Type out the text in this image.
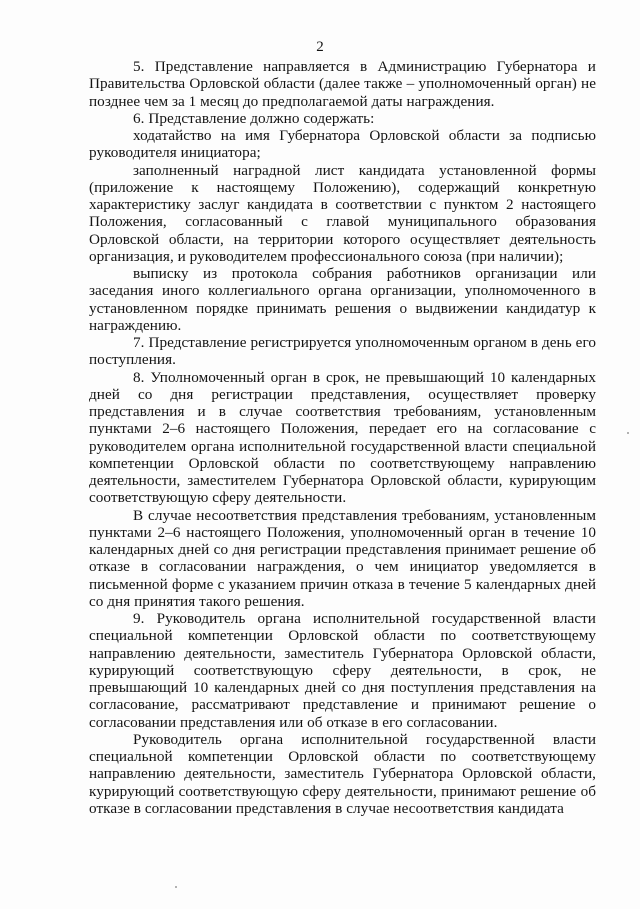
2

5. Представление направляется в Администрацию Губернатора и Правительства Орловской области (далее также – уполномоченный орган) не позднее чем за 1 месяц до предполагаемой даты награждения.

6. Представление должно содержать:

ходатайство на имя Губернатора Орловской области за подписью руководителя инициатора;

заполненный наградной лист кандидата установленной формы (приложение к настоящему Положению), содержащий конкретную характеристику заслуг кандидата в соответствии с пунктом 2 настоящего Положения, согласованный с главой муниципального образования Орловской области, на территории которого осуществляет деятельность организация, и руководителем профессионального союза (при наличии);

выписку из протокола собрания работников организации или заседания иного коллегиального органа организации, уполномоченного в установленном порядке принимать решения о выдвижении кандидатур к награждению.

7. Представление регистрируется уполномоченным органом в день его поступления.

8. Уполномоченный орган в срок, не превышающий 10 календарных дней со дня регистрации представления, осуществляет проверку представления и в случае соответствия требованиям, установленным пунктами 2–6 настоящего Положения, передает его на согласование с руководителем органа исполнительной государственной власти специальной компетенции Орловской области по соответствующему направлению деятельности, заместителем Губернатора Орловской области, курирующим соответствующую сферу деятельности.

В случае несоответствия представления требованиям, установленным пунктами 2–6 настоящего Положения, уполномоченный орган в течение 10 календарных дней со дня регистрации представления принимает решение об отказе в согласовании награждения, о чем инициатор уведомляется в письменной форме с указанием причин отказа в течение 5 календарных дней со дня принятия такого решения.

9. Руководитель органа исполнительной государственной власти специальной компетенции Орловской области по соответствующему направлению деятельности, заместитель Губернатора Орловской области, курирующий соответствующую сферу деятельности, в срок, не превышающий 10 календарных дней со дня поступления представления на согласование, рассматривают представление и принимают решение о согласовании представления или об отказе в его согласовании.

Руководитель органа исполнительной государственной власти специальной компетенции Орловской области по соответствующему направлению деятельности, заместитель Губернатора Орловской области, курирующий соответствующую сферу деятельности, принимают решение об отказе в согласовании представления в случае несоответствия кандидата
